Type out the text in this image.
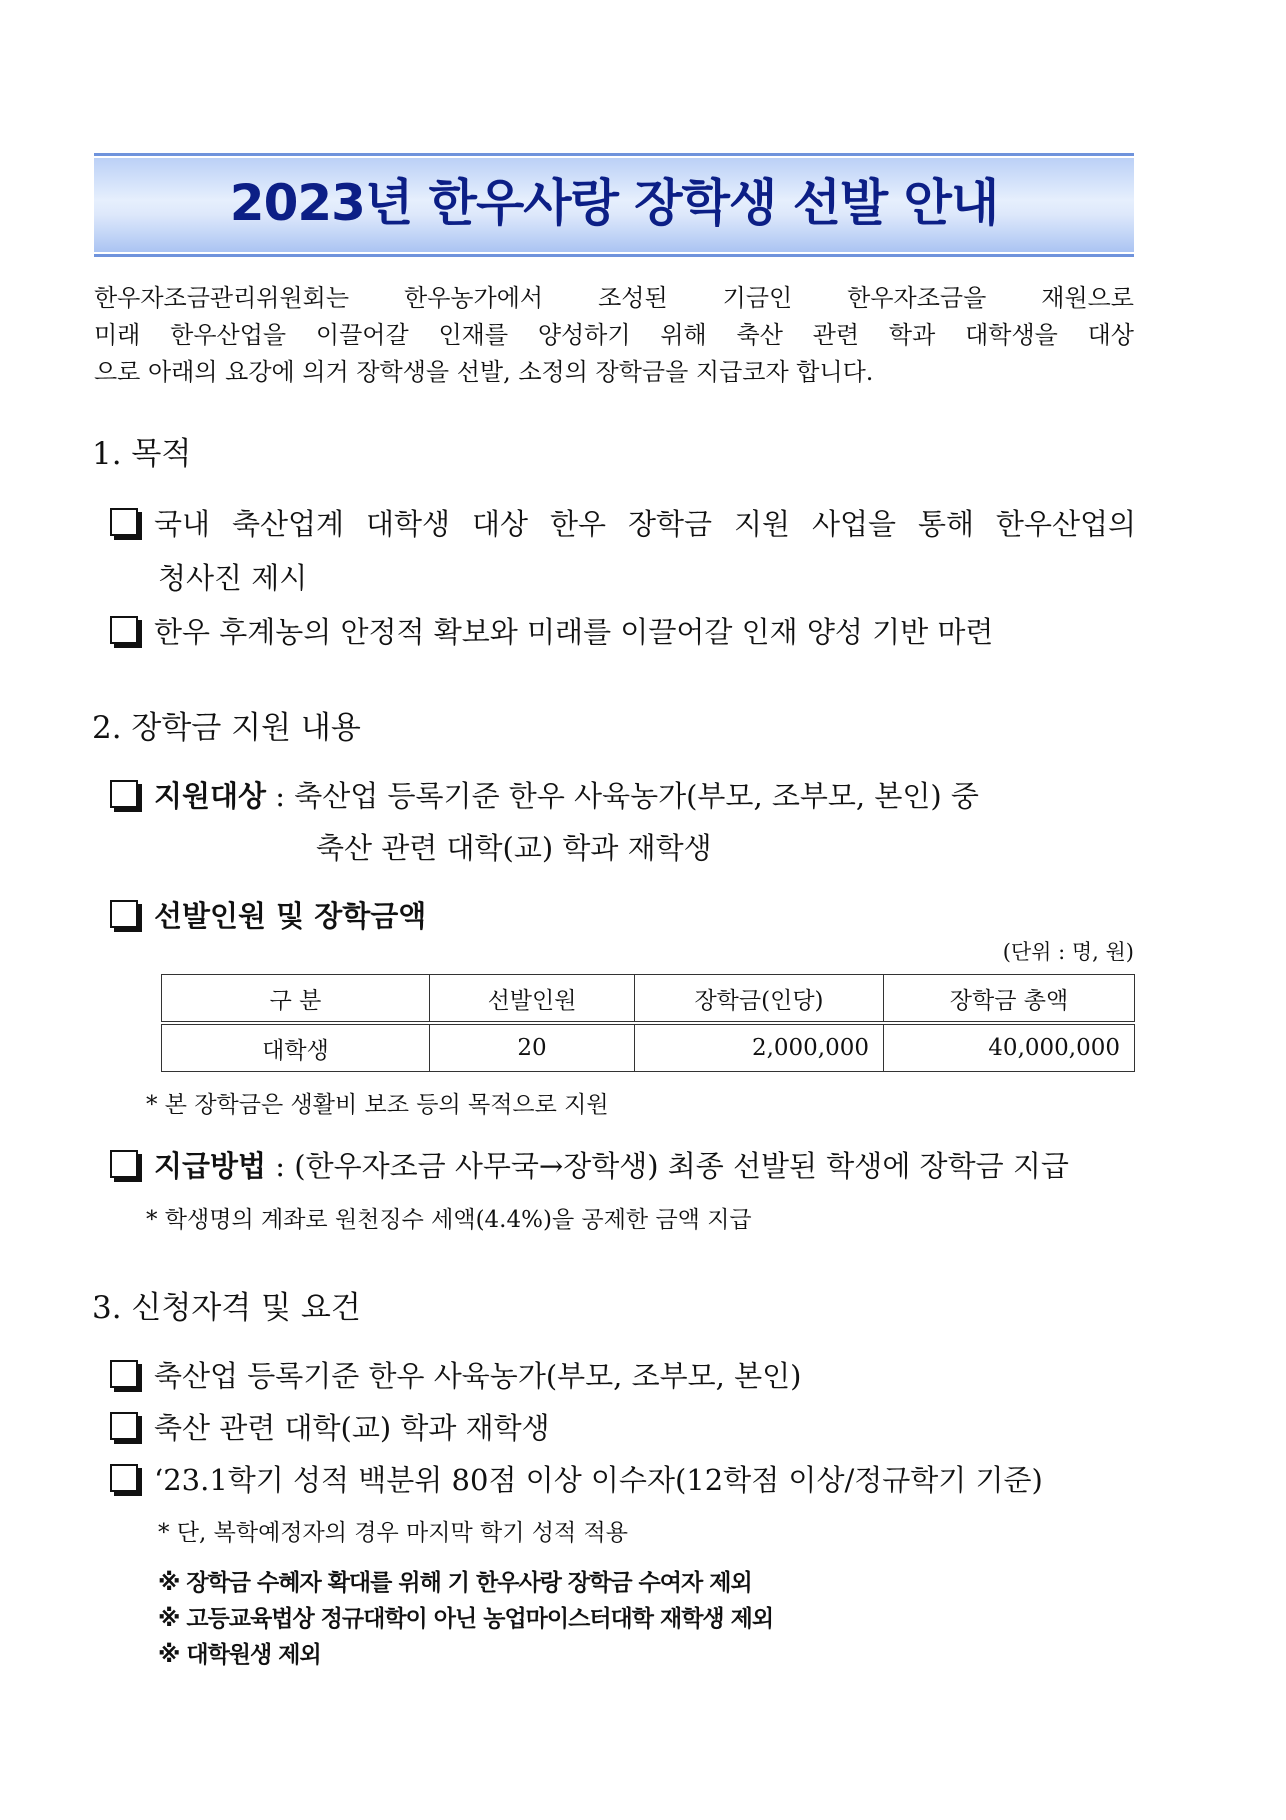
2023년 한우사랑 장학생 선발 안내
한우자조금관리위원회는 한우농가에서 조성된 기금인 한우자조금을 재원으로
미래 한우산업을 이끌어갈 인재를 양성하기 위해 축산 관련 학과 대학생을 대상
으로 아래의 요강에 의거 장학생을 선발, 소정의 장학금을 지급코자 합니다.
1. 목적
국내 축산업계 대학생 대상 한우 장학금 지원 사업을 통해 한우산업의
청사진 제시
한우 후계농의 안정적 확보와 미래를 이끌어갈 인재 양성 기반 마련
2. 장학금 지원 내용
지원대상 : 축산업 등록기준 한우 사육농가(부모, 조부모, 본인) 중
축산 관련 대학(교) 학과 재학생
선발인원 및 장학금액
(단위 : 명, 원)
구 분	선발인원	장학금(인당)	장학금 총액
대학생	20	2,000,000	40,000,000
* 본 장학금은 생활비 보조 등의 목적으로 지원
지급방법 : (한우자조금 사무국→장학생) 최종 선발된 학생에 장학금 지급
* 학생명의 계좌로 원천징수 세액(4.4%)을 공제한 금액 지급
3. 신청자격 및 요건
축산업 등록기준 한우 사육농가(부모, 조부모, 본인)
축산 관련 대학(교) 학과 재학생
‘23.1학기 성적 백분위 80점 이상 이수자(12학점 이상/정규학기 기준)
* 단, 복학예정자의 경우 마지막 학기 성적 적용
※ 장학금 수혜자 확대를 위해 기 한우사랑 장학금 수여자 제외
※ 고등교육법상 정규대학이 아닌 농업마이스터대학 재학생 제외
※ 대학원생 제외
